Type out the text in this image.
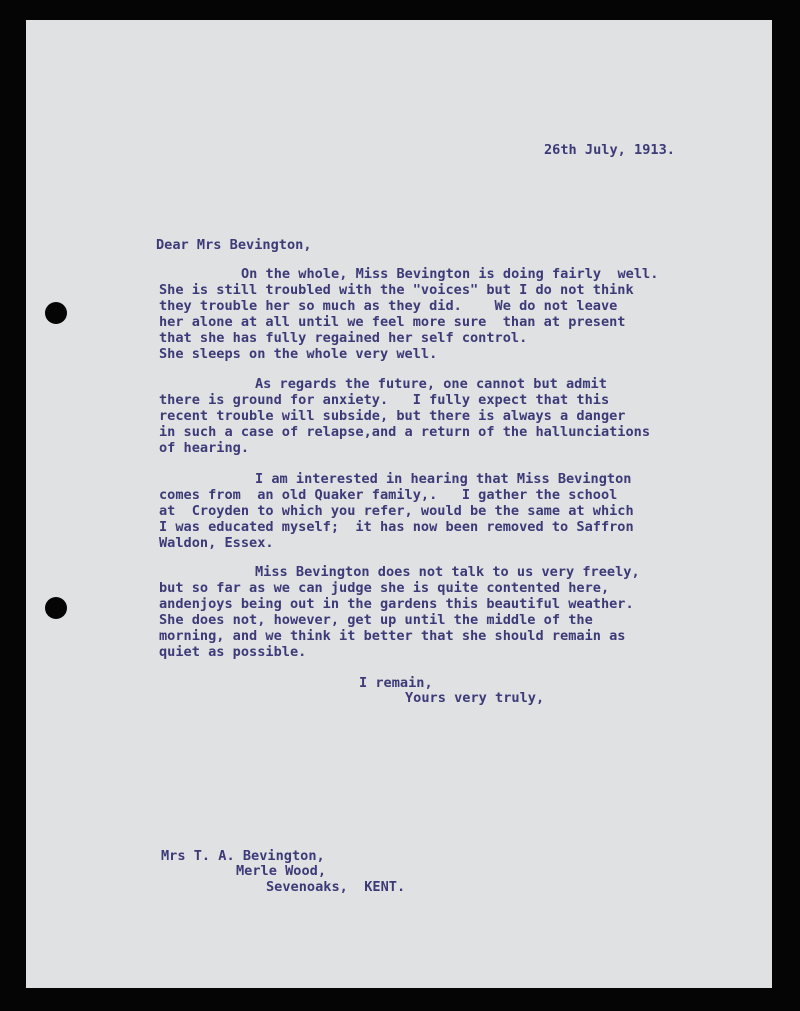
26th July, 1913.
Dear Mrs Bevington,
On the whole, Miss Bevington is doing fairly  well.
She is still troubled with the "voices" but I do not think
they trouble her so much as they did.    We do not leave
her alone at all until we feel more sure  than at present
that she has fully regained her self control.
She sleeps on the whole very well.
As regards the future, one cannot but admit
there is ground for anxiety.   I fully expect that this
recent trouble will subside, but there is always a danger
in such a case of relapse,and a return of the hallunciations
of hearing.
I am interested in hearing that Miss Bevington
comes from  an old Quaker family,.   I gather the school
at  Croyden to which you refer, would be the same at which
I was educated myself;  it has now been removed to Saffron
Waldon, Essex.
Miss Bevington does not talk to us very freely,
but so far as we can judge she is quite contented here,
andenjoys being out in the gardens this beautiful weather.
She does not, however, get up until the middle of the
morning, and we think it better that she should remain as
quiet as possible.
I remain,
Yours very truly,
Mrs T. A. Bevington,
Merle Wood,
Sevenoaks,  KENT.
